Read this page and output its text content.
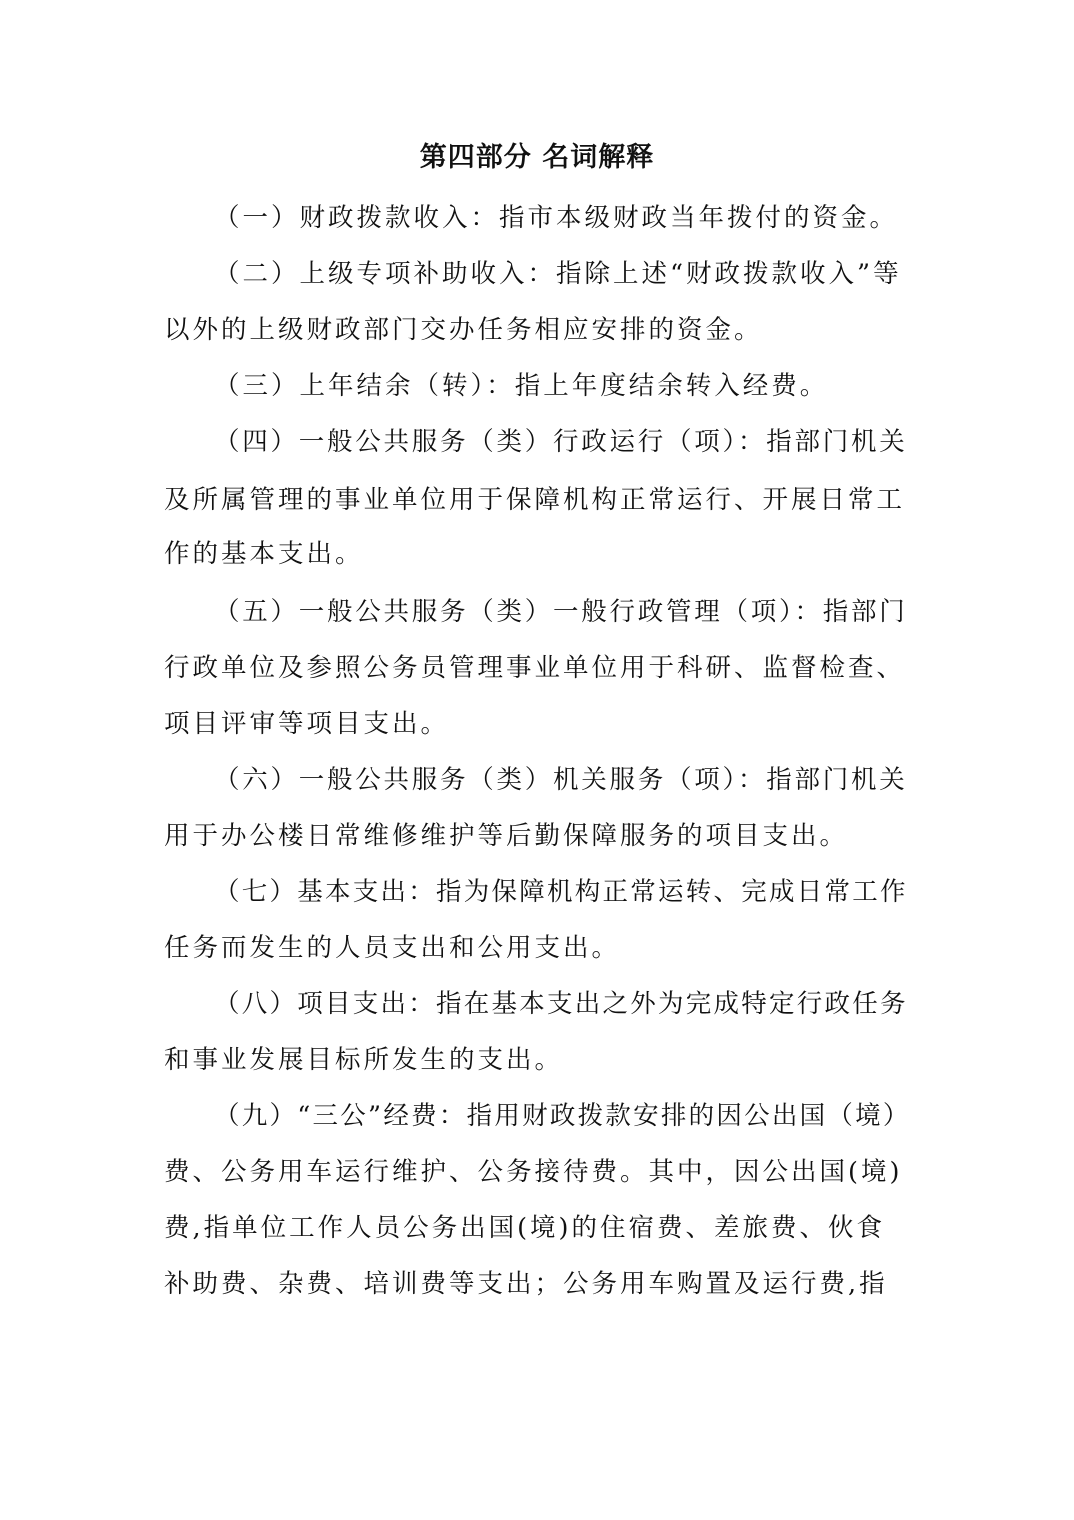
第四部分 名词解释
（一）财政拨款收入：指市本级财政当年拨付的资金。
（二）上级专项补助收入：指除上述“财政拨款收入”等
以外的上级财政部门交办任务相应安排的资金。
（三）上年结余（转）：指上年度结余转入经费。
（四）一般公共服务（类）行政运行（项）：指部门机关
及所属管理的事业单位用于保障机构正常运行、开展日常工
作的基本支出。
（五）一般公共服务（类）一般行政管理（项）：指部门
行政单位及参照公务员管理事业单位用于科研、监督检查、
项目评审等项目支出。
（六）一般公共服务（类）机关服务（项）：指部门机关
用于办公楼日常维修维护等后勤保障服务的项目支出。
（七）基本支出：指为保障机构正常运转、完成日常工作
任务而发生的人员支出和公用支出。
（八）项目支出：指在基本支出之外为完成特定行政任务
和事业发展目标所发生的支出。
（九）“三公”经费：指用财政拨款安排的因公出国（境）
费、公务用车运行维护、公务接待费。其中，因公出国(境)
费,指单位工作人员公务出国(境)的住宿费、差旅费、伙食
补助费、杂费、培训费等支出；公务用车购置及运行费,指
